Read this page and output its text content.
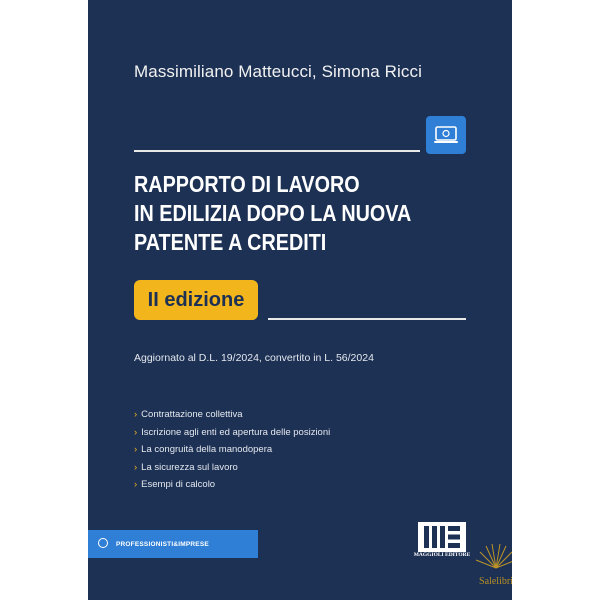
Massimiliano Matteucci, Simona Ricci
RAPPORTO DI LAVORO
IN EDILIZIA DOPO LA NUOVA
PATENTE A CREDITI
II edizione
Aggiornato al D.L. 19/2024, convertito in L. 56/2024
› Contrattazione collettiva
› Iscrizione agli enti ed apertura delle posizioni
› La congruità della manodopera
› La sicurezza sul lavoro
› Esempi di calcolo
PROFESSIONISTI&IMPRESE
MAGGIOLI EDITORE
Salelibri
